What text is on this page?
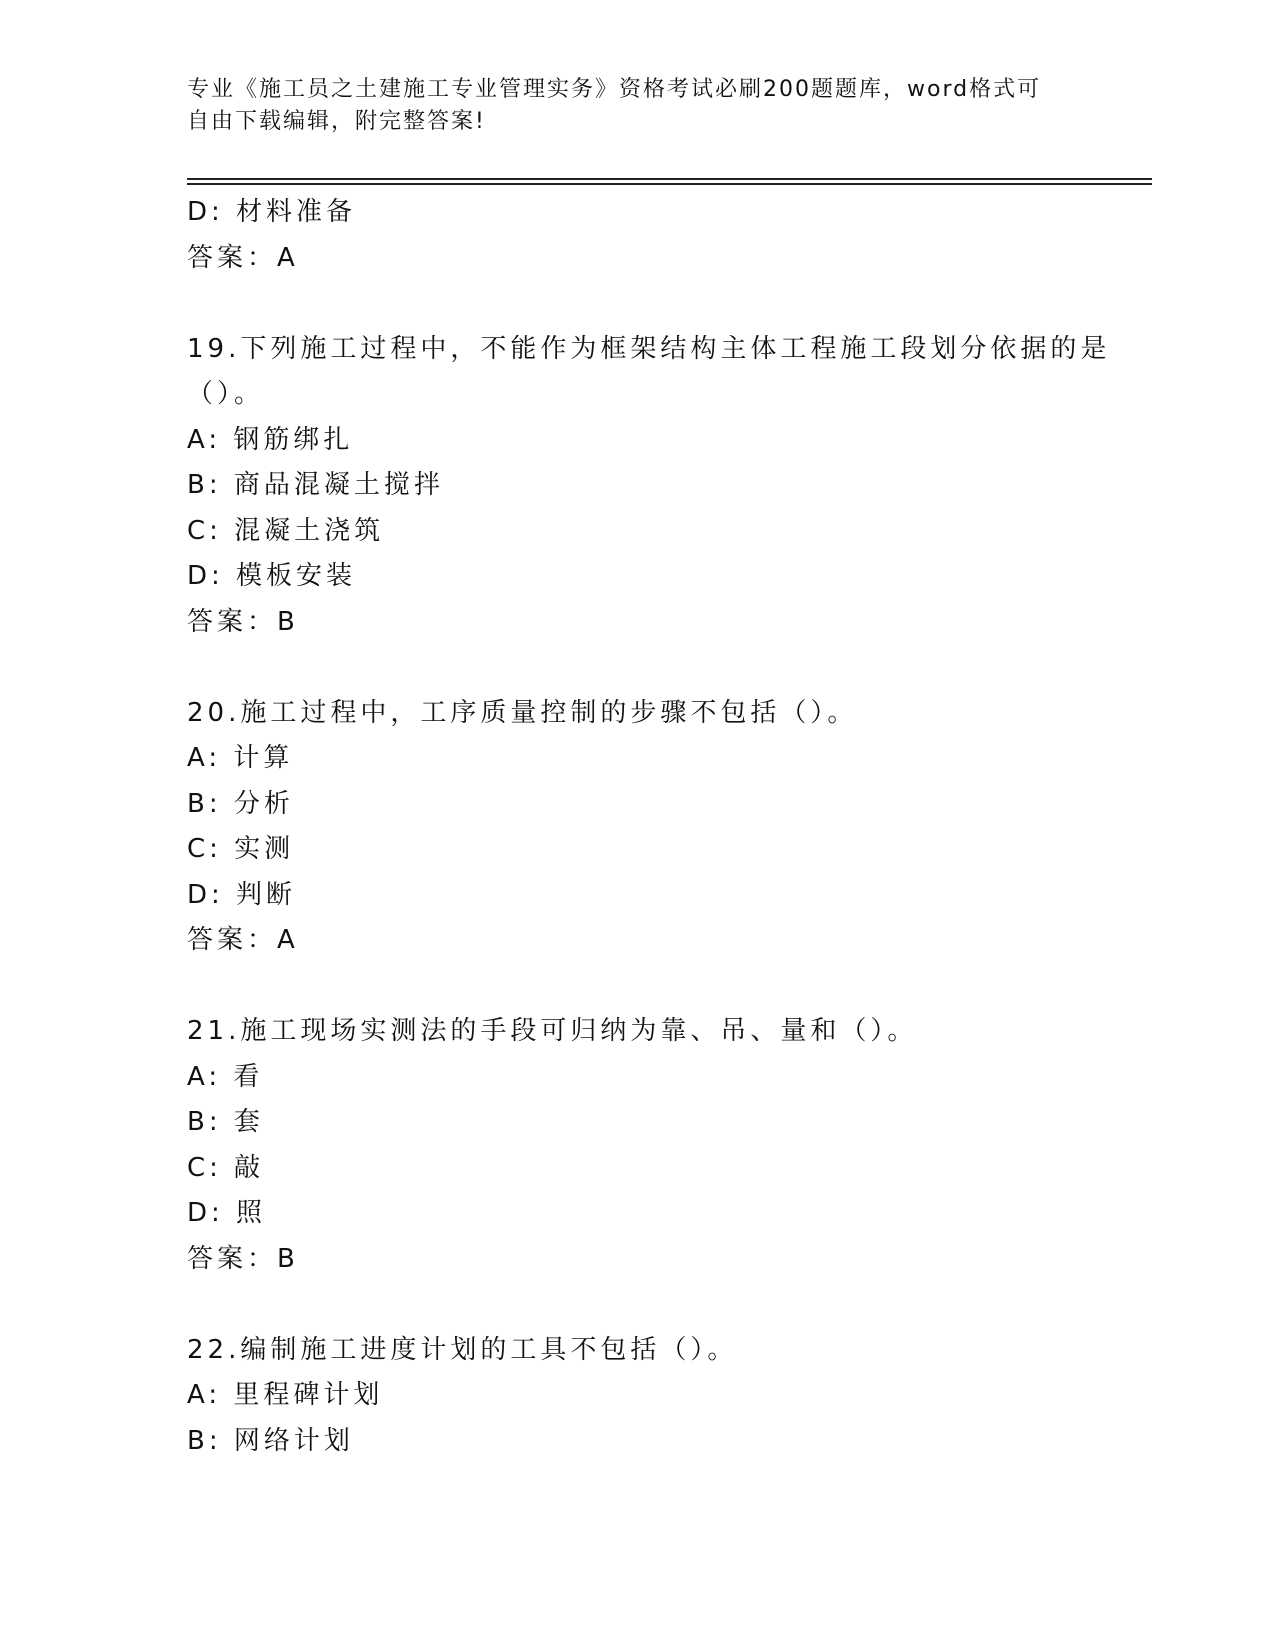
专业《施工员之土建施工专业管理实务》资格考试必刷200题题库，word格式可
自由下载编辑，附完整答案!
D: 材料准备
答案：A
19.下列施工过程中，不能作为框架结构主体工程施工段划分依据的是
（）。
A: 钢筋绑扎
B: 商品混凝土搅拌
C: 混凝土浇筑
D: 模板安装
答案：B
20.施工过程中，工序质量控制的步骤不包括（）。
A: 计算
B: 分析
C: 实测
D: 判断
答案：A
21.施工现场实测法的手段可归纳为靠、吊、量和（）。
A: 看
B: 套
C: 敲
D: 照
答案：B
22.编制施工进度计划的工具不包括（）。
A: 里程碑计划
B: 网络计划
